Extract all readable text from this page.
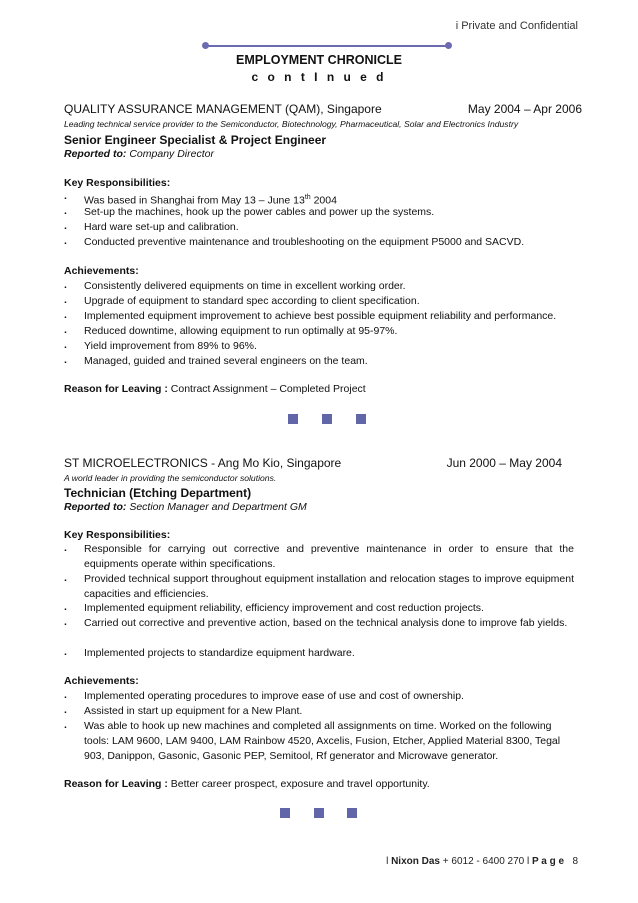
i Private and Confidential
EMPLOYMENT CHRONICLE
c o n t I n u e d
QUALITY ASSURANCE MANAGEMENT (QAM), Singapore	May 2004 – Apr 2006
Leading technical service provider to the Semiconductor, Biotechnology, Pharmaceutical, Solar and Electronics Industry
Senior Engineer Specialist & Project Engineer
Reported to: Company Director
Key Responsibilities:
. Was based in Shanghai from May 13 – June 13th 2004
. Set-up the machines, hook up the power cables and power up the systems.
. Hard ware set-up and calibration.
. Conducted preventive maintenance and troubleshooting on the equipment P5000 and SACVD.
Achievements:
. Consistently delivered equipments on time in excellent working order.
. Upgrade of equipment to standard spec according to client specification.
. Implemented equipment improvement to achieve best possible equipment reliability and performance.
. Reduced downtime, allowing equipment to run optimally at 95-97%.
. Yield improvement from 89% to 96%.
. Managed, guided and trained several engineers on the team.
Reason for Leaving : Contract Assignment – Completed Project
ST MICROELECTRONICS - Ang Mo Kio, Singapore	Jun 2000 – May 2004
A world leader in providing the semiconductor solutions.
Technician (Etching Department)
Reported to: Section Manager and Department GM
Key Responsibilities:
. Responsible for carrying out corrective and preventive maintenance in order to ensure that the equipments operate within specifications.
. Provided technical support throughout equipment installation and relocation stages to improve equipment capacities and efficiencies.
. Implemented equipment reliability, efficiency improvement and cost reduction projects.
. Carried out corrective and preventive action, based on the technical analysis done to improve fab yields.
. Implemented projects to standardize equipment hardware.
Achievements:
. Implemented operating procedures to improve ease of use and cost of ownership.
. Assisted in start up equipment for a New Plant.
. Was able to hook up new machines and completed all assignments on time. Worked on the following tools: LAM 9600, LAM 9400, LAM Rainbow 4520, Axcelis, Fusion, Etcher, Applied Material 8300, Tegal 903, Danippon, Gasonic, Gasonic PEP, Semitool, Rf generator and Microwave generator.
Reason for Leaving : Better career prospect, exposure and travel opportunity.
l Nixon Das + 6012 - 6400 270 l P a g e 8
